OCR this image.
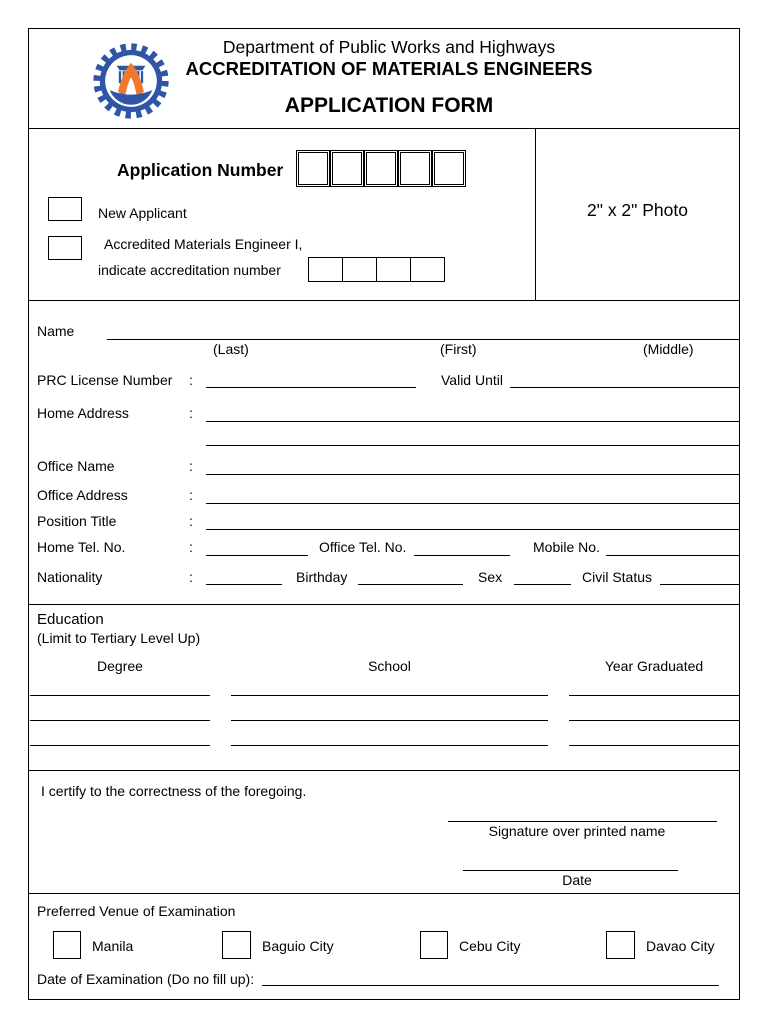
Department of Public Works and Highways
ACCREDITATION OF MATERIALS ENGINEERS
APPLICATION FORM
Application Number
New Applicant	2" x 2" Photo
Accredited Materials Engineer I,
indicate accreditation number
Name
(Last)	(First)	(Middle)
PRC License Number :	Valid Until
Home Address	:
Office Name	:
Office Address	:
Position Title	:
Home Tel. No.	:	Office Tel. No.	Mobile No.
Nationality	:	Birthday	Sex	Civil Status
Education
(Limit to Tertiary Level Up)
Degree	School	Year Graduated
I certify to the correctness of the foregoing.
Signature over printed name
Date
Preferred Venue of Examination
Manila	Baguio City	Cebu City	Davao City
Date of Examination (Do no fill up):
